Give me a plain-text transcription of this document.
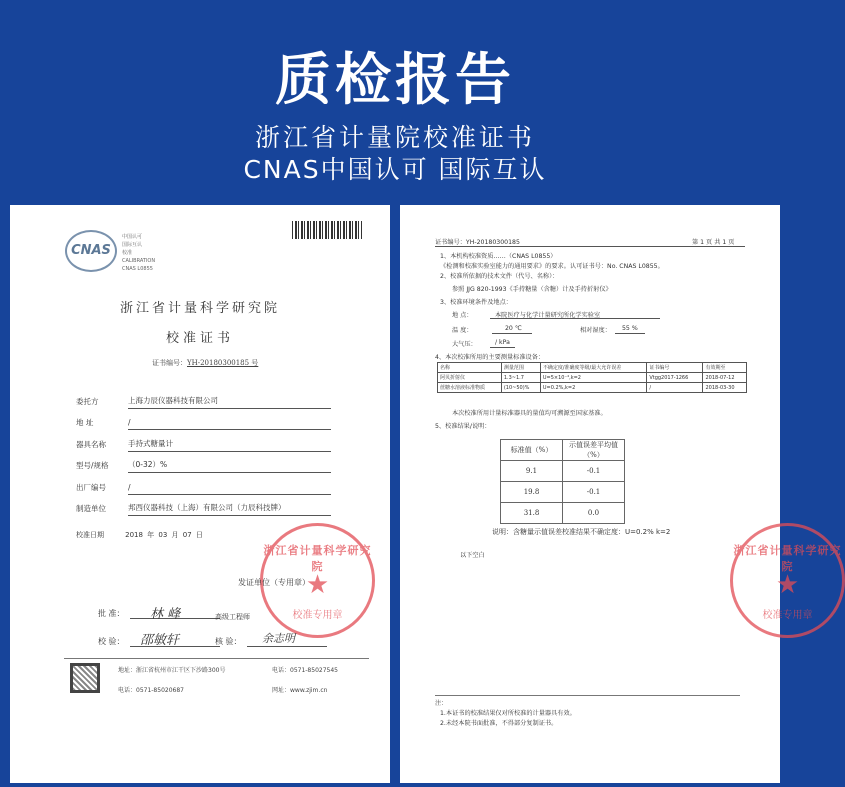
质检报告
浙江省计量院校准证书
CNAS中国认可 国际互认
CNAS
中国认可
国际互认
校准
CALIBRATION
CNAS L0855
浙江省计量科学研究院
校准证书
证书编号：YH-20180300185 号
委托方	上海力辰仪器科技有限公司
地 址	/
器具名称	手持式糖量计
型号/规格	（0-32）%
出厂编号	/
制造单位	邦西仪器科技（上海）有限公司（力辰科技牌）
校准日期	2018 年 03 月 07 日
浙江省计量科学研究院
★
校准专用章
发证单位（专用章）
批 准：	林 峰	高级工程师
校 验：	邵敏轩	核 验：	余志明
地址：浙江省杭州市江干区下沙路300号	电话：0571-85027545
电话：0571-85020687	网址：www.zjim.cn
证书编号：YH-20180300185	第 1 页 共 1 页
1、本机构校准资质……（CNAS L0855）
《检测和校准实验室能力的通用要求》的要求。认可证书号：No. CNAS L0855。
2、校准所依据的技术文件（代号、名称）：
参照 JJG 820-1993《手持糖量（含糖）计及手持折射仪》
3、校准环境条件及地点：
地 点：	本院医疗与化学计量研究所化学实验室
温 度：	20 ℃	相对湿度： 55 %
大气压：	/ kPa
4、本次校准所用的主要测量标准设备：
名称	测量范围	不确定度/准确度等级/最大允许误差	证书编号	有效期至
阿贝折射仪	1.3~1.7	U=5×10⁻⁴,k=2	Vtgg2017-1266	2018-07-12
蔗糖水溶液标准物质	(10~50)%	U=0.2%,k=2	/	2018-03-30
本次校准所用计量标准器具的量值均可溯源至国家基准。
5、校准结果/说明：
标准值（%）	示值误差平均值（%）
9.1	-0.1
19.8	-0.1
31.8	0.0
说明：含糖量示值误差校准结果不确定度：U=0.2% k=2
以下空白	浙江省计量科学研究院
★
校准专用章
注：
1.本证书的校准结果仅对所校准的计量器具有效。
2.未经本院书面批准，不得部分复制证书。
